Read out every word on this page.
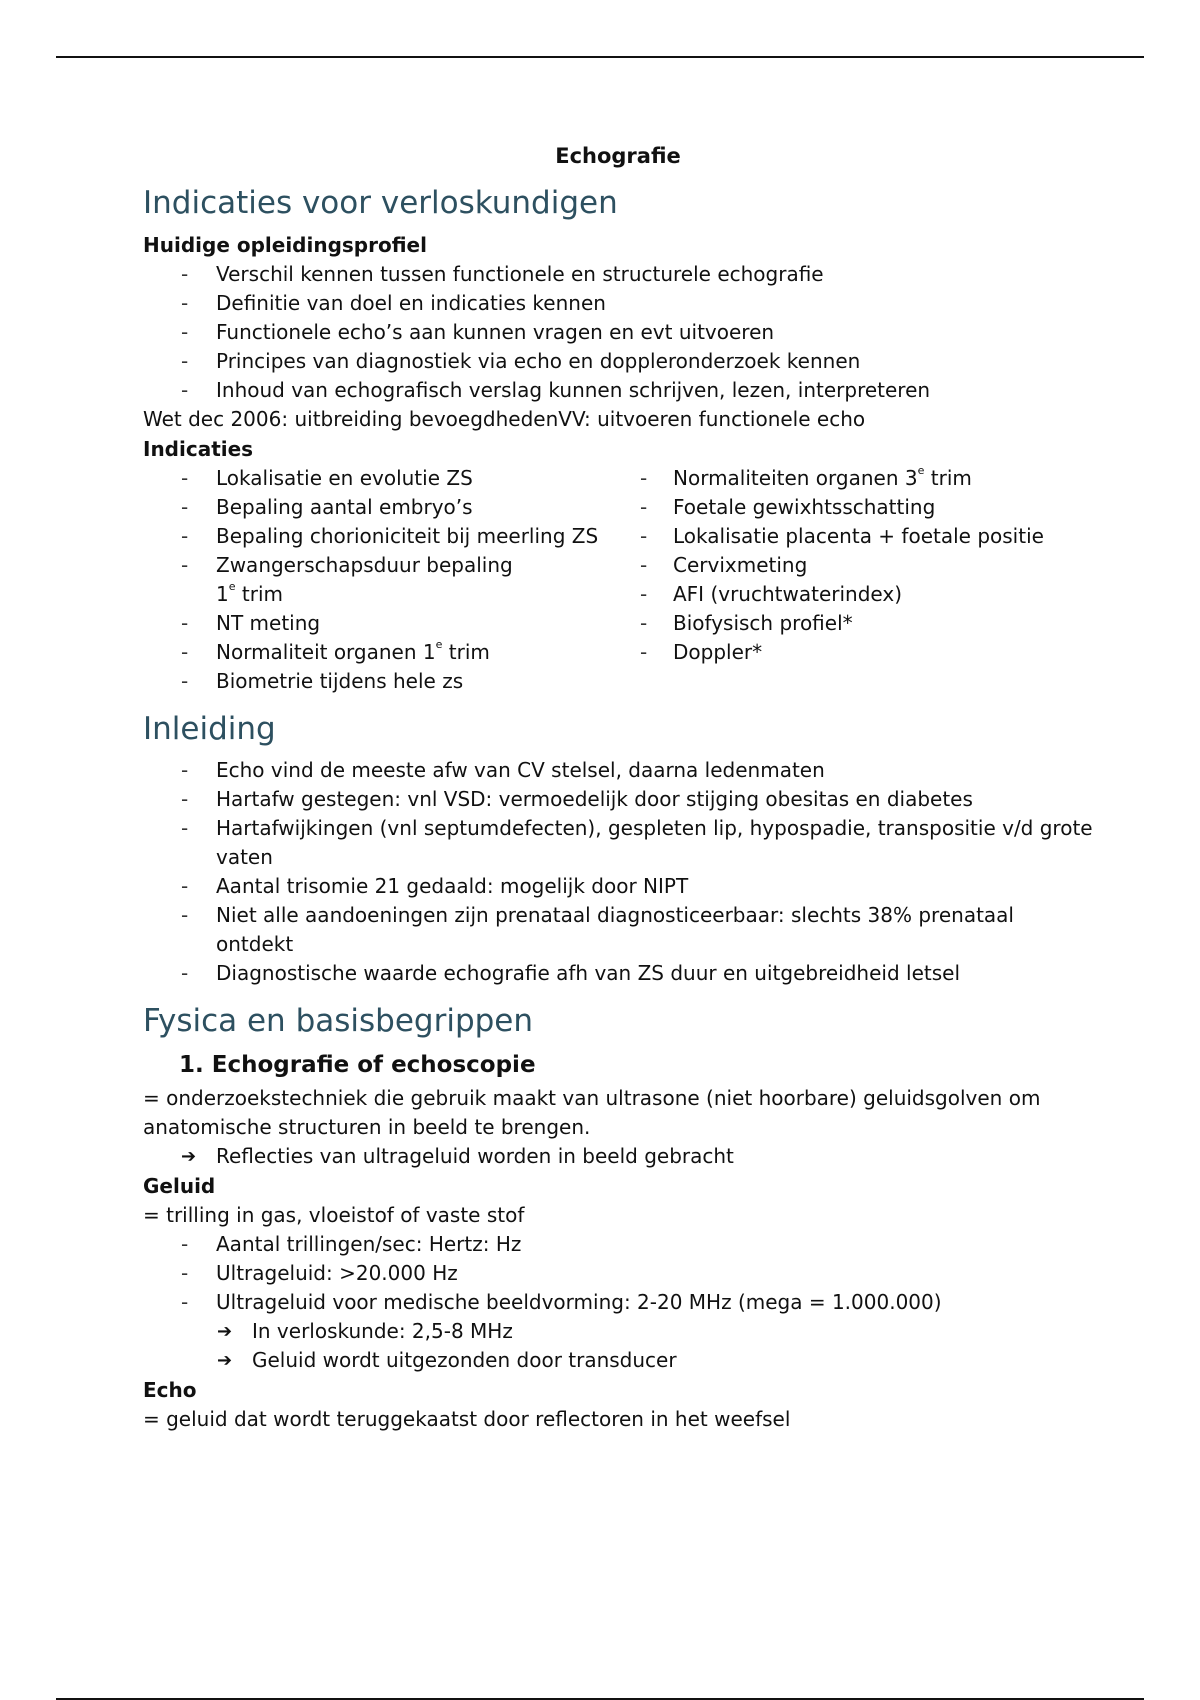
Echografie
Indicaties voor verloskundigen
Huidige opleidingsprofiel
- Verschil kennen tussen functionele en structurele echografie
- Definitie van doel en indicaties kennen
- Functionele echo’s aan kunnen vragen en evt uitvoeren
- Principes van diagnostiek via echo en doppleronderzoek kennen
- Inhoud van echografisch verslag kunnen schrijven, lezen, interpreteren

Wet dec 2006: uitbreiding bevoegdhedenVV: uitvoeren functionele echo

Indicaties
- Lokalisatie en evolutie ZS
- Bepaling aantal embryo’s
- Bepaling chorioniciteit bij meerling ZS
- Zwangerschapsduur bepaling
1e trim
- NT meting
- Normaliteit organen 1e trim
- Biometrie tijdens hele zs
- Normaliteiten organen 3e trim
- Foetale gewixhtsschatting
- Lokalisatie placenta + foetale positie
- Cervixmeting
- AFI (vruchtwaterindex)
- Biofysisch profiel*
- Doppler*
Inleiding
- Echo vind de meeste afw van CV stelsel, daarna ledenmaten
- Hartafw gestegen: vnl VSD: vermoedelijk door stijging obesitas en diabetes
- Hartafwijkingen (vnl septumdefecten), gespleten lip, hypospadie, transpositie v/d grote vaten
- Aantal trisomie 21 gedaald: mogelijk door NIPT
- Niet alle aandoeningen zijn prenataal diagnosticeerbaar: slechts 38% prenataal ontdekt
- Diagnostische waarde echografie afh van ZS duur en uitgebreidheid letsel
Fysica en basisbegrippen
1. Echografie of echoscopie

= onderzoekstechniek die gebruik maakt van ultrasone (niet hoorbare) geluidsgolven om anatomische structuren in beeld te brengen.

➔ Reflecties van ultrageluid worden in beeld gebracht
Geluid

= trilling in gas, vloeistof of vaste stof

- Aantal trillingen/sec: Hertz: Hz
- Ultrageluid: >20.000 Hz
- Ultrageluid voor medische beeldvorming: 2-20 MHz (mega = 1.000.000)
➔ In verloskunde: 2,5-8 MHz
➔ Geluid wordt uitgezonden door transducer
Echo

= geluid dat wordt teruggekaatst door reflectoren in het weefsel
